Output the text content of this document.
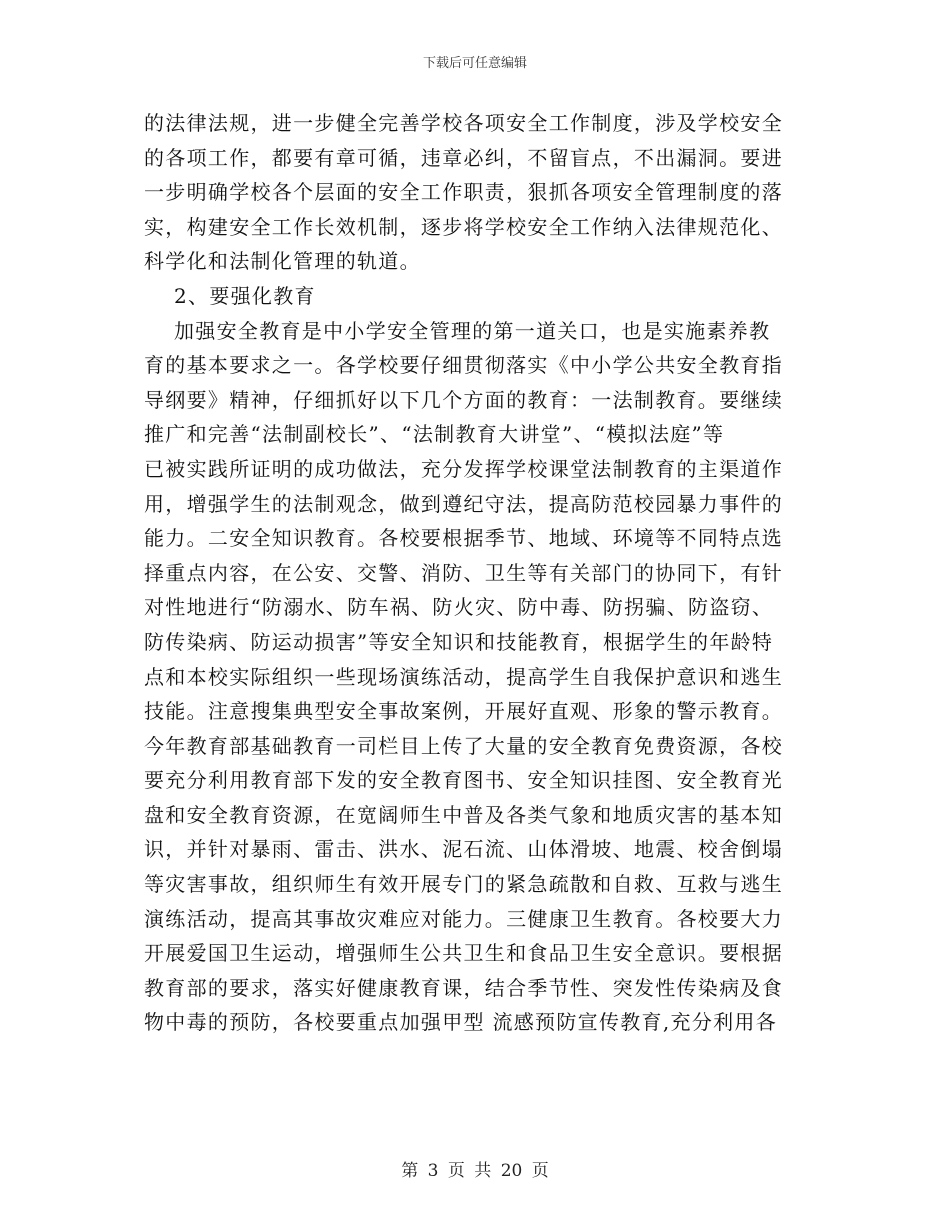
下载后可任意编辑
的法律法规，进一步健全完善学校各项安全工作制度，涉及学校安全
的各项工作，都要有章可循，违章必纠，不留盲点，不出漏洞。要进
一步明确学校各个层面的安全工作职责，狠抓各项安全管理制度的落
实，构建安全工作长效机制，逐步将学校安全工作纳入法律规范化、
科学化和法制化管理的轨道。
2、要强化教育
加强安全教育是中小学安全管理的第一道关口，也是实施素养教
育的基本要求之一。各学校要仔细贯彻落实《中小学公共安全教育指
导纲要》精神，仔细抓好以下几个方面的教育：一法制教育。要继续
推广和完善“法制副校长”、“法制教育大讲堂”、“模拟法庭”等
已被实践所证明的成功做法，充分发挥学校课堂法制教育的主渠道作
用，增强学生的法制观念，做到遵纪守法，提高防范校园暴力事件的
能力。二安全知识教育。各校要根据季节、地域、环境等不同特点选
择重点内容，在公安、交警、消防、卫生等有关部门的协同下，有针
对性地进行“防溺水、防车祸、防火灾、防中毒、防拐骗、防盗窃、
防传染病、防运动损害”等安全知识和技能教育，根据学生的年龄特
点和本校实际组织一些现场演练活动，提高学生自我保护意识和逃生
技能。注意搜集典型安全事故案例，开展好直观、形象的警示教育。
今年教育部基础教育一司栏目上传了大量的安全教育免费资源，各校
要充分利用教育部下发的安全教育图书、安全知识挂图、安全教育光
盘和安全教育资源，在宽阔师生中普及各类气象和地质灾害的基本知
识，并针对暴雨、雷击、洪水、泥石流、山体滑坡、地震、校舍倒塌
等灾害事故，组织师生有效开展专门的紧急疏散和自救、互救与逃生
演练活动，提高其事故灾难应对能力。三健康卫生教育。各校要大力
开展爱国卫生运动，增强师生公共卫生和食品卫生安全意识。要根据
教育部的要求，落实好健康教育课，结合季节性、突发性传染病及食
物中毒的预防，各校要重点加强甲型 流感预防宣传教育,充分利用各
第 3 页 共 20 页
